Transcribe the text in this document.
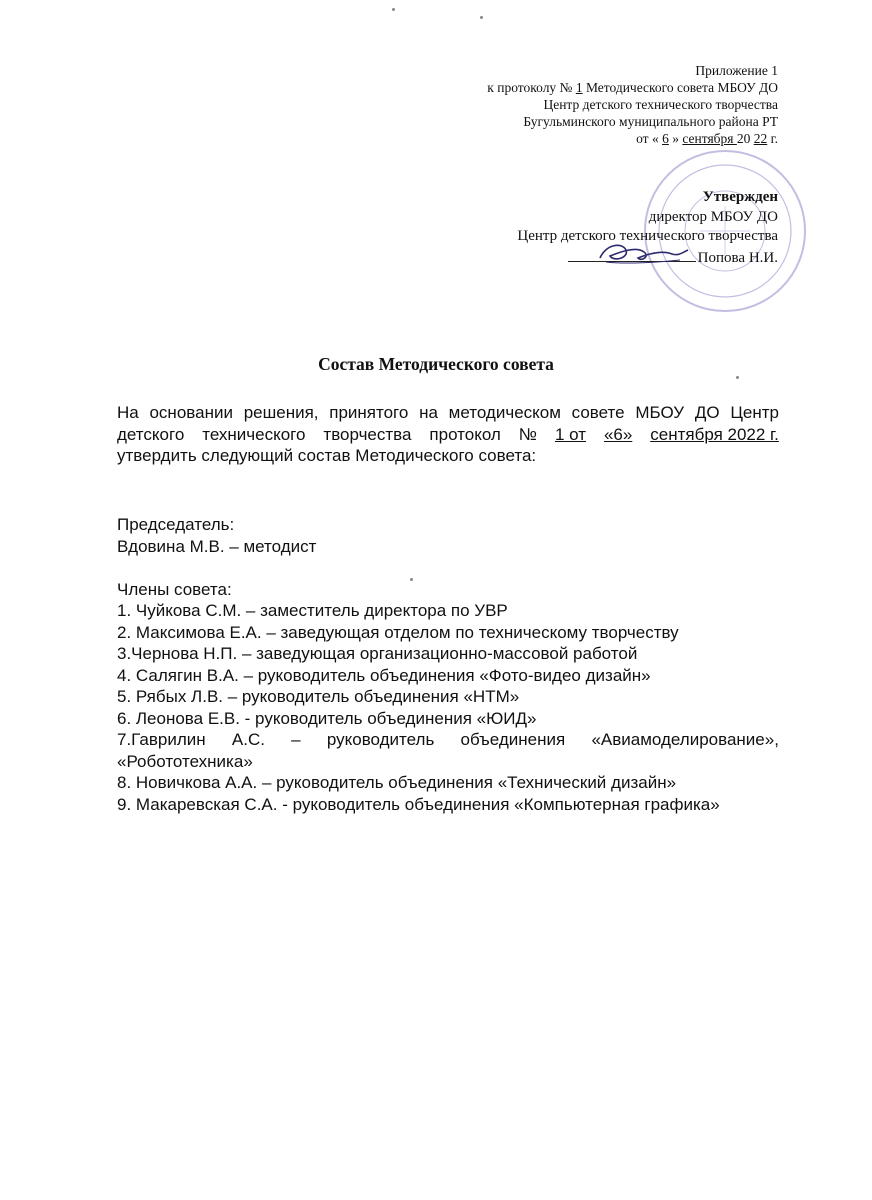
Приложение 1
к протоколу № 1 Методического совета МБОУ ДО
Центр детского технического творчества
Бугульминского муниципального района РТ
от « 6 » сентября 20 22 г.
Утвержден
директор МБОУ ДО
Центр детского технического творчества
Попова Н.И.
Состав Методического совета
На основании решения, принятого на методическом совете МБОУ ДО Центр
детского технического творчества протокол № 1 от «6» сентября 2022 г.
утвердить следующий состав Методического совета:
Председатель:
Вдовина М.В. – методист
Члены совета:
1. Чуйкова С.М. – заместитель директора по УВР
2. Максимова Е.А. – заведующая отделом по техническому творчеству
3.Чернова Н.П. – заведующая организационно-массовой работой
4. Салягин В.А. – руководитель объединения «Фото-видео дизайн»
5. Рябых Л.В. – руководитель объединения «НТМ»
6. Леонова Е.В. - руководитель объединения «ЮИД»
7.Гаврилин А.С. – руководитель объединения «Авиамоделирование»,
«Робототехника»
8. Новичкова А.А. – руководитель объединения «Технический дизайн»
9. Макаревская С.А. - руководитель объединения «Компьютерная графика»
